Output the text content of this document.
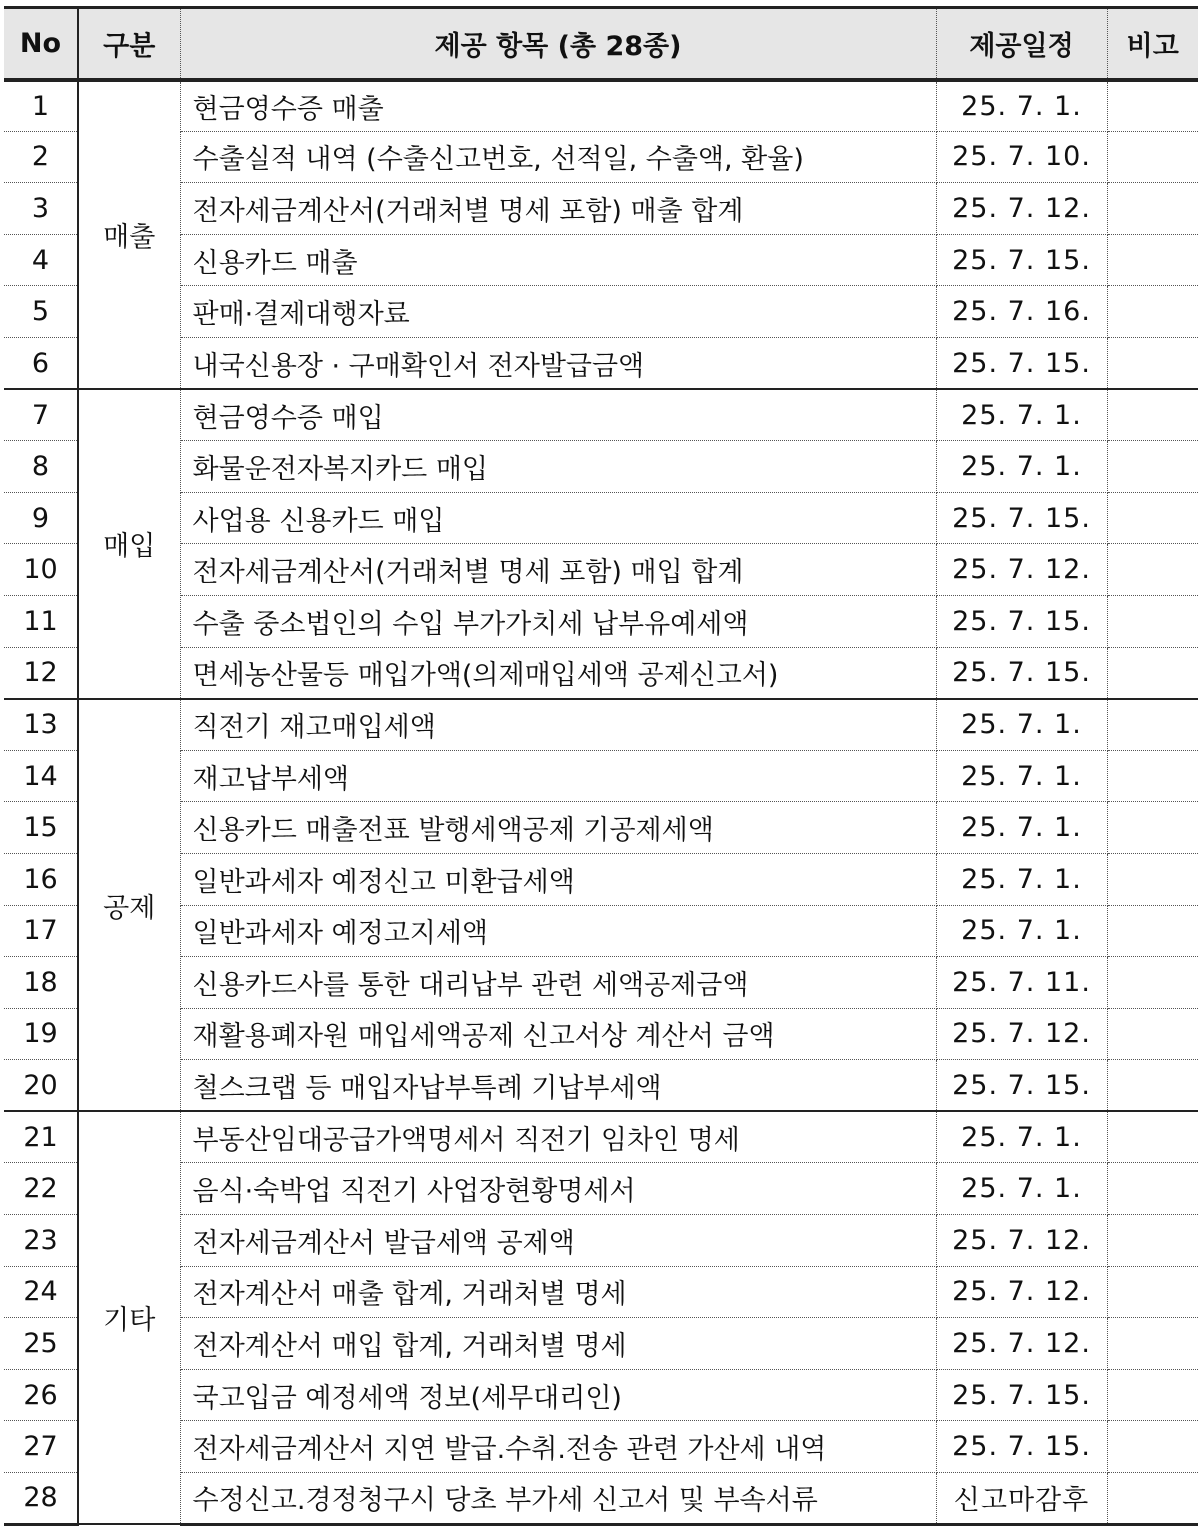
No	구분	제공 항목 (총 28종)	제공일정	비고
1	매출	현금영수증 매출	25. 7. 1.	
2		수출실적 내역 (수출신고번호, 선적일, 수출액, 환율)	25. 7. 10.	
3		전자세금계산서(거래처별 명세 포함) 매출 합계	25. 7. 12.	
4		신용카드 매출	25. 7. 15.	
5		판매·결제대행자료	25. 7. 16.	
6		내국신용장 · 구매확인서 전자발급금액	25. 7. 15.	
7	매입	현금영수증 매입	25. 7. 1.	
8		화물운전자복지카드 매입	25. 7. 1.	
9		사업용 신용카드 매입	25. 7. 15.	
10		전자세금계산서(거래처별 명세 포함) 매입 합계	25. 7. 12.	
11		수출 중소법인의 수입 부가가치세 납부유예세액	25. 7. 15.	
12		면세농산물등 매입가액(의제매입세액 공제신고서)	25. 7. 15.	
13	공제	직전기 재고매입세액	25. 7. 1.	
14		재고납부세액	25. 7. 1.	
15		신용카드 매출전표 발행세액공제 기공제세액	25. 7. 1.	
16		일반과세자 예정신고 미환급세액	25. 7. 1.	
17		일반과세자 예정고지세액	25. 7. 1.	
18		신용카드사를 통한 대리납부 관련 세액공제금액	25. 7. 11.	
19		재활용폐자원 매입세액공제 신고서상 계산서 금액	25. 7. 12.	
20		철스크랩 등 매입자납부특례 기납부세액	25. 7. 15.	
21	기타	부동산임대공급가액명세서 직전기 임차인 명세	25. 7. 1.	
22		음식·숙박업 직전기 사업장현황명세서	25. 7. 1.	
23		전자세금계산서 발급세액 공제액	25. 7. 12.	
24		전자계산서 매출 합계, 거래처별 명세	25. 7. 12.	
25		전자계산서 매입 합계, 거래처별 명세	25. 7. 12.	
26		국고입금 예정세액 정보(세무대리인)	25. 7. 15.	
27		전자세금계산서 지연 발급.수취.전송 관련 가산세 내역	25. 7. 15.	
28		수정신고.경정청구시 당초 부가세 신고서 및 부속서류	신고마감후	
